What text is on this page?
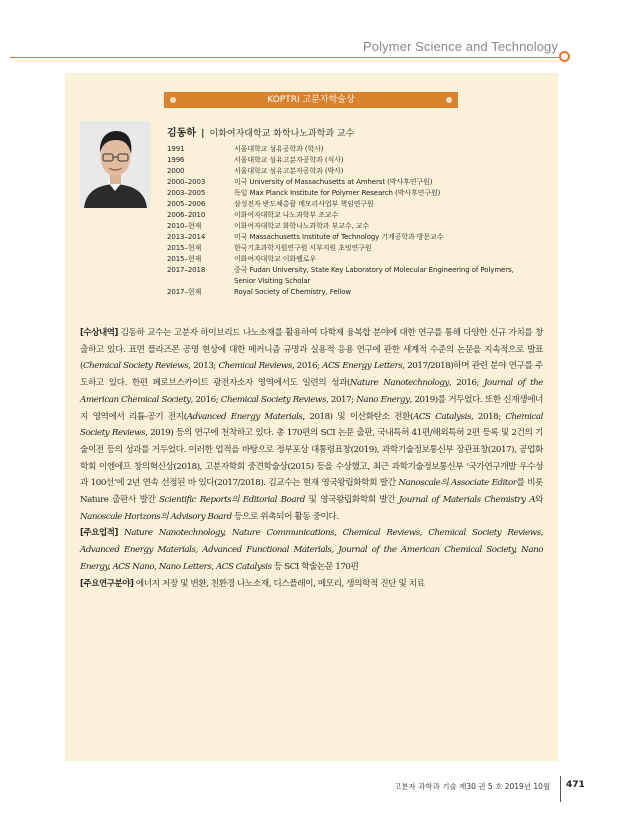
Polymer Science and Technology
KOPTRI 고분자학술상
김동하 | 이화여자대학교 화학나노과학과 교수
1991	서울대학교 섬유공학과 (학사)
1996	서울대학교 섬유고분자공학과 (석사)
2000	서울대학교 섬유고분자공학과 (박사)
2000–2003	미국 University of Massachusetts at Amherst (박사후연구원)
2003–2005	독일 Max Planck Institute for Polymer Research (박사후연구원)
2005–2006	삼성전자 반도체총괄 메모리사업부 책임연구원
2006–2010	이화여자대학교 나노과학부 조교수
2010–현재	이화여자대학교 화학나노과학과 부교수, 교수
2013–2014	미국 Massachusetts Institute of Technology 기계공학과 방문교수
2015–현재	한국기초과학지원연구원 서부지원 초빙연구원
2015–현재	이화여자대학교 이화펠로우
2017–2018	중국 Fudan University, State Key Laboratory of Molecular Engineering of Polymers,
Senior Visiting Scholar
2017–현재	Royal Society of Chemistry, Fellow

[수상내역] 김동하 교수는 고분자 하이브리드 나노소재를 활용하여 다학제 융복합 분야에 대한 연구를 통해 다양한 신규 가치를 창출하고 있다. 표면 플라즈몬 공명 현상에 대한 메커니즘 규명과 실용적 응용 연구에 관한 세계적 수준의 논문을 지속적으로 발표(Chemical Society Reviews, 2013; Chemical Reviews, 2016; ACS Energy Letters, 2017/2018)하며 관련 분야 연구를 주도하고 있다. 한편 페로브스카이트 광전자소자 영역에서도 일련의 성과(Nature Nanotechnology, 2016; Journal of the American Chemical Society, 2016; Chemical Society Reviews, 2017; Nano Energy, 2019)를 거두었다. 또한 신재생에너지 영역에서 리튬-공기 전지(Advanced Energy Materials, 2018) 및 이산화탄소 전환(ACS Catalysis, 2018; Chemical Society Reviews, 2019) 등의 연구에 천착하고 있다. 총 170편의 SCI 논문 출판, 국내특허 41편/해외특허 2편 등록 및 2건의 기술이전 등의 성과를 거두었다. 이러한 업적을 바탕으로 정부포상 대통령표창(2019), 과학기술정보통신부 장관표창(2017), 공업화학회 이엔에프 창의혁신상(2018), 고분자학회 중견학술상(2015) 등을 수상했고, 최근 과학기술정보통신부 ‘국가연구개발 우수성과 100선’에 2년 연속 선정된 바 있다(2017/2018). 김교수는 현재 영국왕립화학회 발간 Nanoscale의 Associate Editor를 비롯 Nature 출판사 발간 Scientific Reports의 Editorial Board 및 영국왕립화학회 발간 Journal of Materials Chemistry A와 Nanoscale Horizons의 Advisory Board 등으로 위촉되어 활동 중이다.

[주요업적] Nature Nanotechnology, Nature Communications, Chemical Reviews, Chemical Society Reviews, Advanced Energy Materials, Advanced Functional Materials, Journal of the American Chemical Society, Nano Energy, ACS Nano, Nano Letters, ACS Catalysis 등 SCI 학술논문 170편

[주요연구분야] 에너지 저장 및 변환, 친환경 나노소재, 디스플레이, 메모리, 생의학적 진단 및 치료

고분자 과학과 기술 제30 권 5 호 2019년 10월 471
